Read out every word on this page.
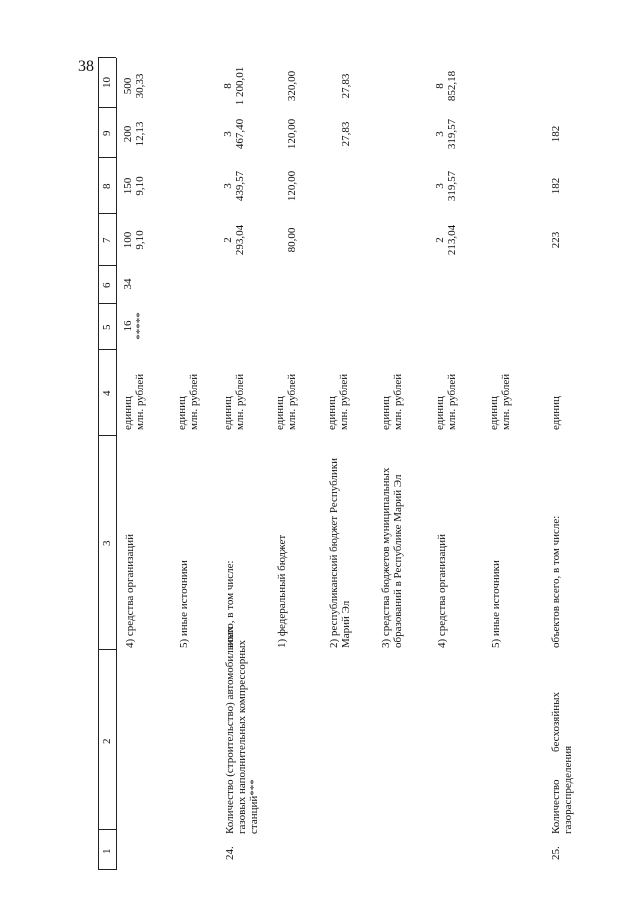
38
1
2
3
4
5
6
7
8
9
10
4) средства организаций
единиц млн. рублей
16 *****
34
100 9,10
150 9,10
200 12,13
500 30,33
5) иные источники
единиц млн. рублей
24.
Количество (строительство) автомобильных газовых наполнительных компрессорных станций***
всего, в том числе:
единиц млн. рублей
2 293,04
3 439,57
3 467,40
8 1 200,01
1) федеральный бюджет
единиц млн. рублей
80,00
120,00
120,00
320,00
2) республиканский бюджет Республики Марий Эл
единиц млн. рублей
27,83
27,83
3) средства бюджетов муниципальных образований в Республике Марий Эл
единиц млн. рублей
4) средства организаций
единиц млн. рублей
2 213,04
3 319,57
3 319,57
8 852,18
5) иные источники
единиц млн. рублей
25.
Количество          бесхозяйных газораспределения
объектов всего, в том числе:
единиц
223
182
182
